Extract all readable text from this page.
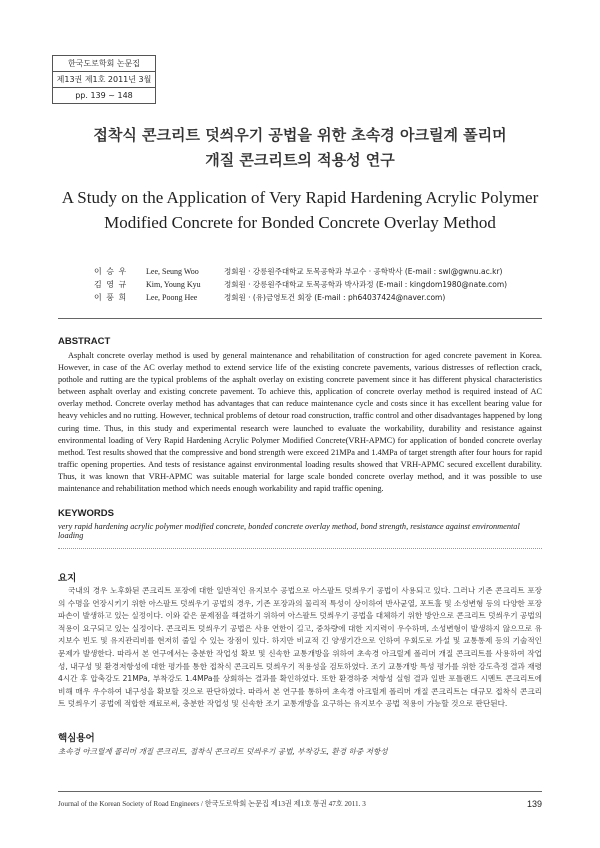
한국도로학회 논문집
제13권 제1호 2011년 3월
pp. 139 ~ 148
접착식 콘크리트 덧씌우기 공법을 위한 초속경 아크릴계 폴리머
개질 콘크리트의 적용성 연구
A Study on the Application of Very Rapid Hardening Acrylic Polymer
Modified Concrete for Bonded Concrete Overlay Method
이 승 우	Lee, Seung Woo	정회원 · 강릉원주대학교 토목공학과 부교수 · 공학박사 (E-mail : swl@gwnu.ac.kr)
김 영 규	Kim, Young Kyu	정회원 · 강릉원주대학교 토목공학과 박사과정 (E-mail : kingdom1980@nate.com)
이 풍 희	Lee, Poong Hee	정회원 · (유)금영토건 회장 (E-mail : ph64037424@naver.com)
ABSTRACT

Asphalt concrete overlay method is used by general maintenance and rehabilitation of construction for aged concrete pavement in Korea. However, in case of the AC overlay method to extend service life of the existing concrete pavements, various distresses of reflection crack, pothole and rutting are the typical problems of the asphalt overlay on existing concrete pavement since it has different physical characteristics between asphalt overlay and existing concrete pavement. To achieve this, application of concrete overlay method is required instead of AC overlay method. Concrete overlay method has advantages that can reduce maintenance cycle and costs since it has excellent bearing value for heavy vehicles and no rutting. However, technical problems of detour road construction, traffic control and other disadvantages happened by long curing time. Thus, in this study and experimental research were launched to evaluate the workability, durability and resistance against environmental loading of Very Rapid Hardening Acrylic Polymer Modified Concrete(VRH-APMC) for application of bonded concrete overlay method. Test results showed that the compressive and bond strength were exceed 21MPa and 1.4MPa of target strength after four hours for rapid traffic opening properties. And tests of resistance against environmental loading results showed that VRH-APMC secured excellent durability. Thus, it was known that VRH-APMC was suitable material for large scale bonded concrete overlay method, and it was possible to use maintenance and rehabilitation method which needs enough workability and rapid traffic opening.

KEYWORDS
very rapid hardening acrylic polymer modified concrete, bonded concrete overlay method, bond strength, resistance against environmental loading
요지

국내의 경우 노후화된 콘크리트 포장에 대한 일반적인 유지보수 공법으로 아스팔트 덧씌우기 공법이 사용되고 있다. 그러나 기존 콘크리트 포장의 수명을 연장시키기 위한 아스팔트 덧씌우기 공법의 경우, 기존 포장과의 물리적 특성이 상이하여 반사균열, 포트홀 및 소성변형 등의 다양한 포장 파손이 발생하고 있는 실정이다. 이와 같은 문제점을 해결하기 위하여 아스팔트 덧씌우기 공법을 대체하기 위한 방안으로 콘크리트 덧씌우기 공법의 적용이 요구되고 있는 실정이다. 콘크리트 덧씌우기 공법은 사용 연한이 길고, 중차량에 대한 지지력이 우수하며, 소성변형이 발생하지 않으므로 유지보수 빈도 및 유지관리비를 현저히 줄일 수 있는 장점이 있다. 하지만 비교적 긴 양생기간으로 인하여 우회도로 가설 및 교통통제 등의 기술적인 문제가 발생한다. 따라서 본 연구에서는 충분한 작업성 확보 및 신속한 교통개방을 위하여 초속경 아크릴계 폴리머 개질 콘크리트를 사용하여 작업성, 내구성 및 환경저항성에 대한 평가를 통한 접착식 콘크리트 덧씌우기 적용성을 검토하였다. 조기 교통개방 특성 평가를 위한 강도측정 결과 재령 4시간 후 압축강도 21MPa, 부착강도 1.4MPa를 상회하는 결과를 확인하였다. 또한 환경하중 저항성 실험 결과 일반 포틀랜드 시멘트 콘크리트에 비해 매우 우수하여 내구성을 확보할 것으로 판단하였다. 따라서 본 연구를 통하여 초속경 아크릴계 폴리머 개질 콘크리트는 대규모 접착식 콘크리트 덧씌우기 공법에 적합한 재료로써, 충분한 작업성 및 신속한 조기 교통개방을 요구하는 유지보수 공법 적용이 가능할 것으로 판단된다.

핵심용어
초속경 아크릴계 폴리머 개질 콘크리트, 접착식 콘크리트 덧씌우기 공법, 부착강도, 환경 하중 저항성
Journal of the Korean Society of Road Engineers / 한국도로학회 논문집 제13권 제1호 통권 47호 2011. 3	139
